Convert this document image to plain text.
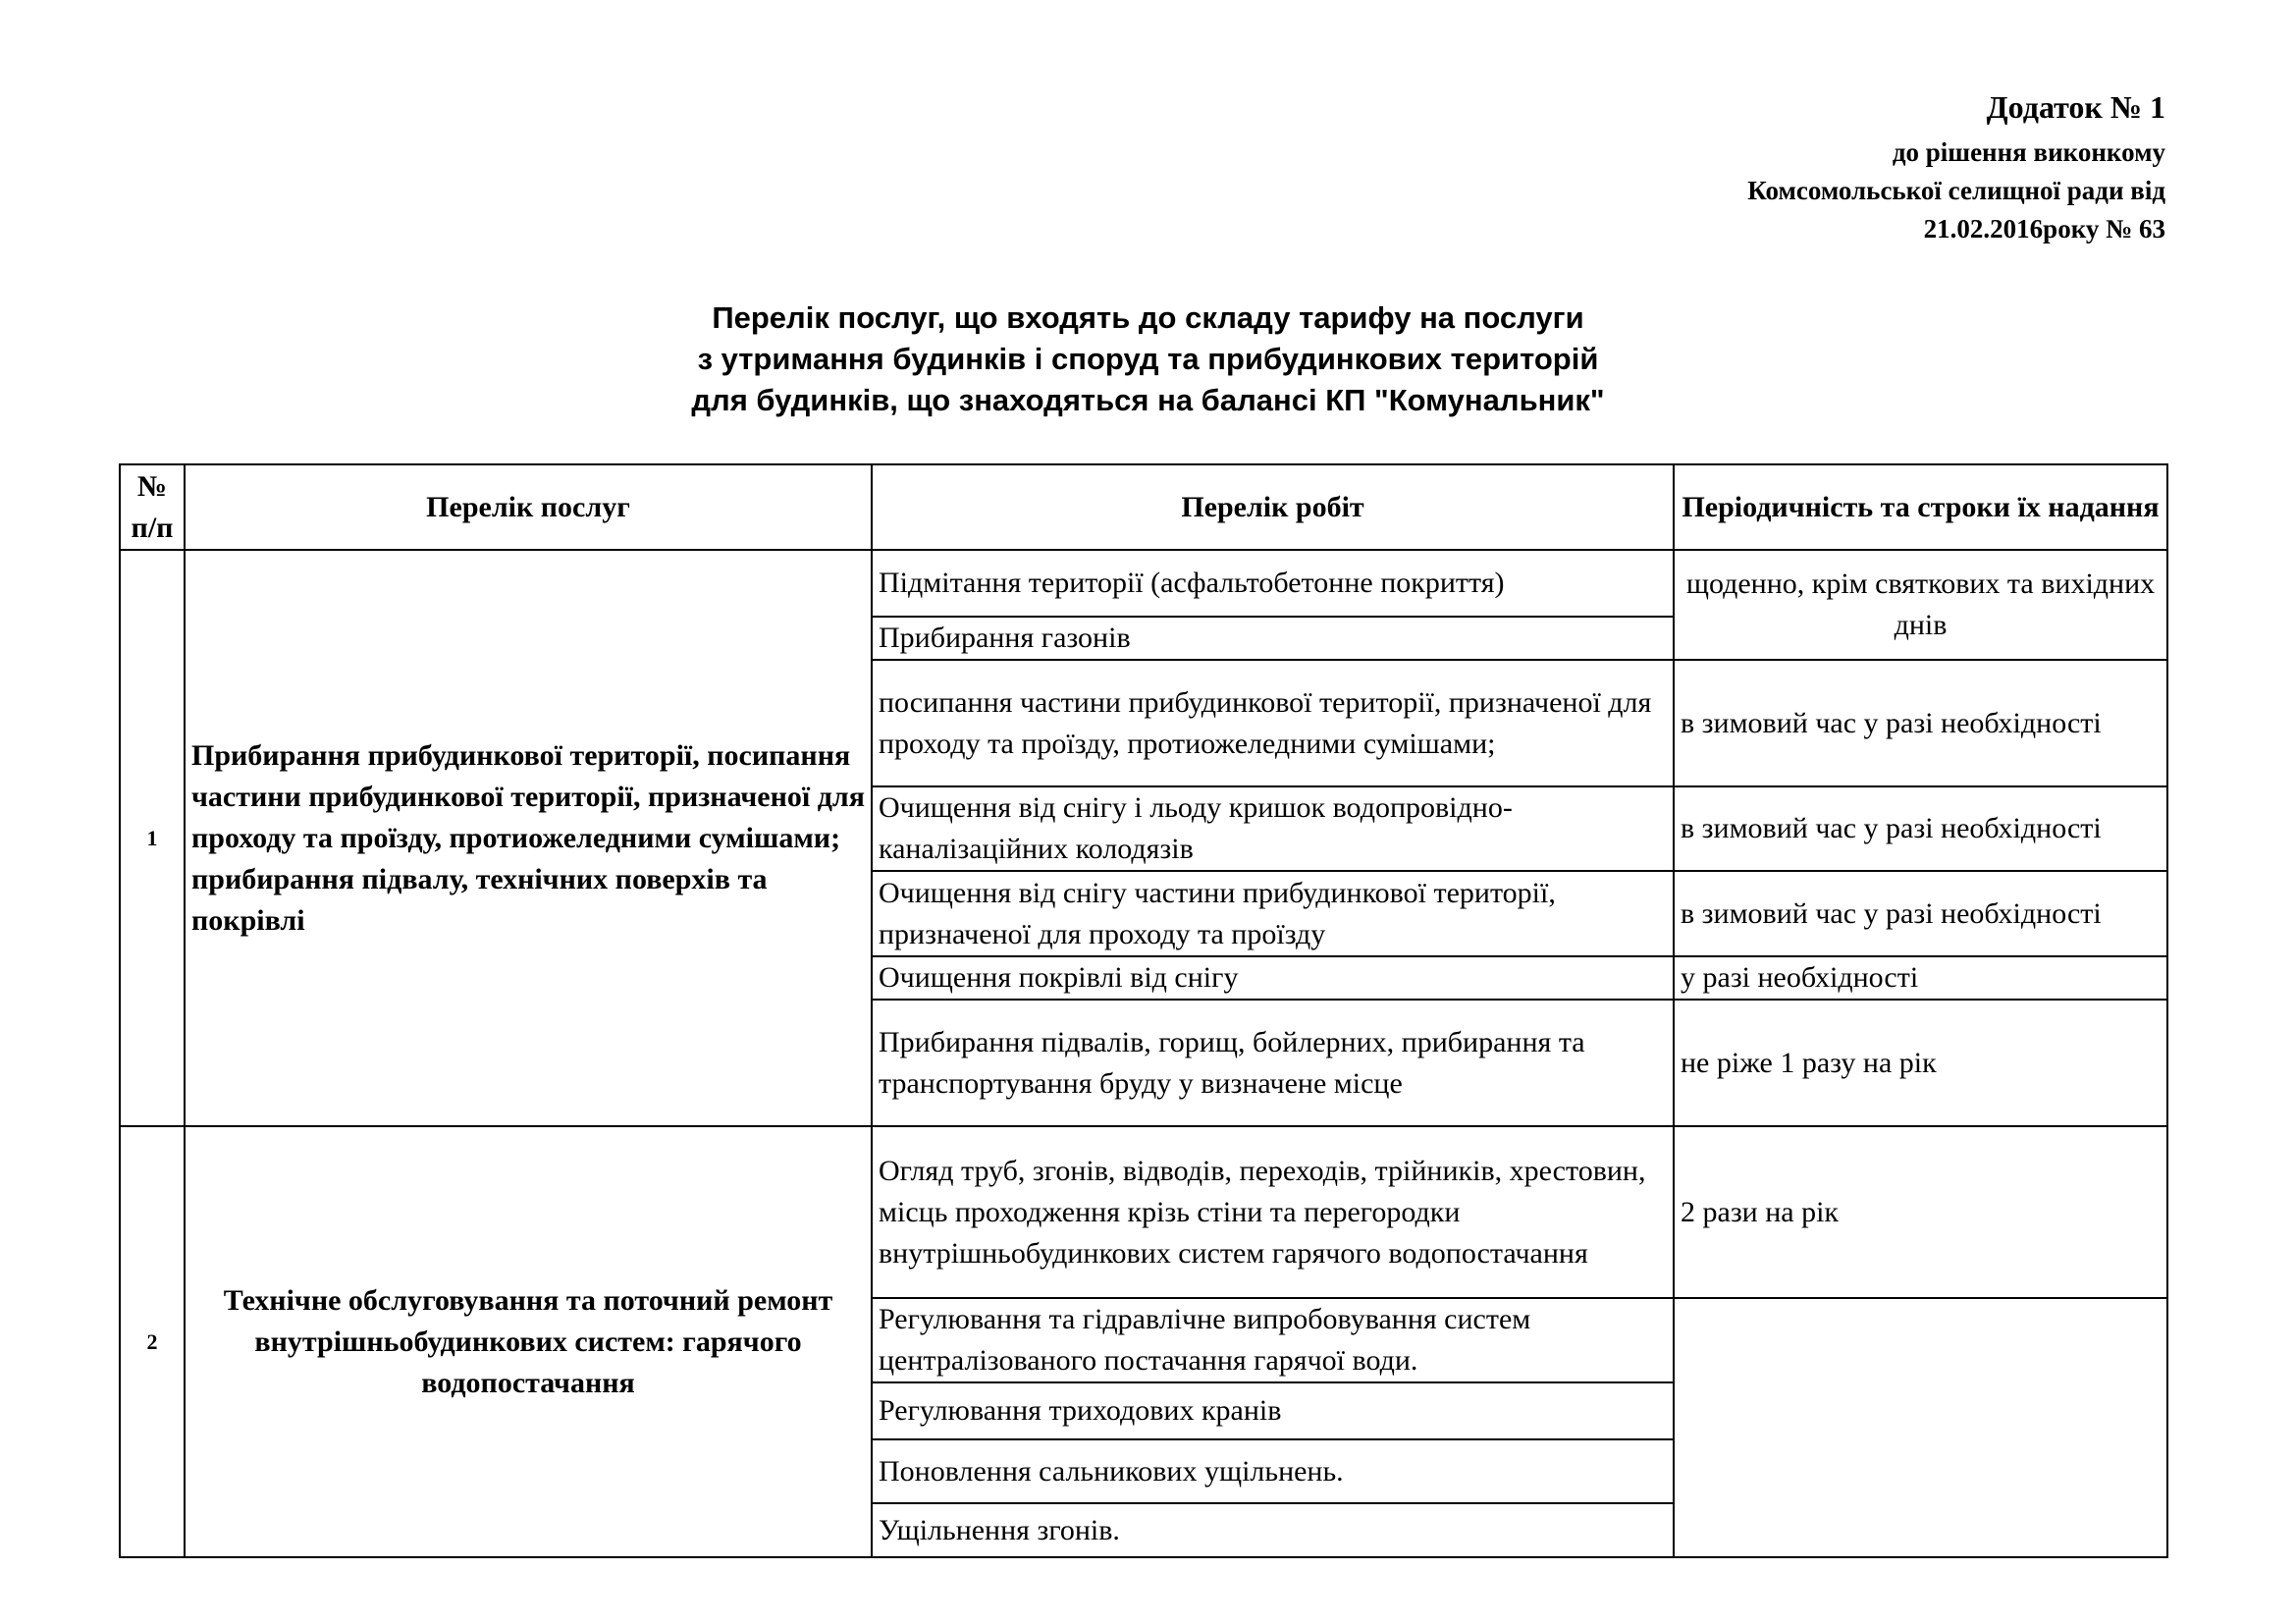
Додаток № 1
до рішення виконкому
Комсомольської селищної ради від
21.02.2016року № 63
Перелік послуг, що входять до складу тарифу на послуги
з утримання будинків і споруд та прибудинкових територій
для будинків, що знаходяться на балансі КП "Комунальник"
№
п/п	Перелік послуг	Перелік робіт	Періодичність та строки їх надання
1	Прибирання прибудинкової території, посипання частини прибудинкової території, призначеної для проходу та проїзду, протиожеледними сумішами; прибирання підвалу, технічних поверхів та покрівлі	Підмітання території (асфальтобетонне покриття)	щоденно, крім святкових та вихідних днів
		Прибирання газонів	
		посипання частини прибудинкової території, призначеної для проходу та проїзду, протиожеледними сумішами;	в зимовий час у разі необхідності
		Очищення від снігу і льоду кришок водопровідно-каналізаційних колодязів	в зимовий час у разі необхідності
		Очищення від снігу частини прибудинкової території, призначеної для проходу та проїзду	в зимовий час у разі необхідності
		Очищення покрівлі від снігу	у разі необхідності
		Прибирання підвалів, горищ, бойлерних, прибирання та транспортування бруду у визначене місце	не ріже 1 разу на рік
2	Технічне обслуговування та поточний ремонт внутрішньобудинкових систем: гарячого водопостачання	Огляд труб, згонів, відводів, переходів, трійників, хрестовин, місць проходження крізь стіни та перегородки внутрішньобудинкових систем гарячого водопостачання	2 рази на рік
		Регулювання та гідравлічне випробовування систем централізованого постачання гарячої води.	
		Регулювання триходових кранів	
		Поновлення сальникових ущільнень.	
		Ущільнення згонів.	
